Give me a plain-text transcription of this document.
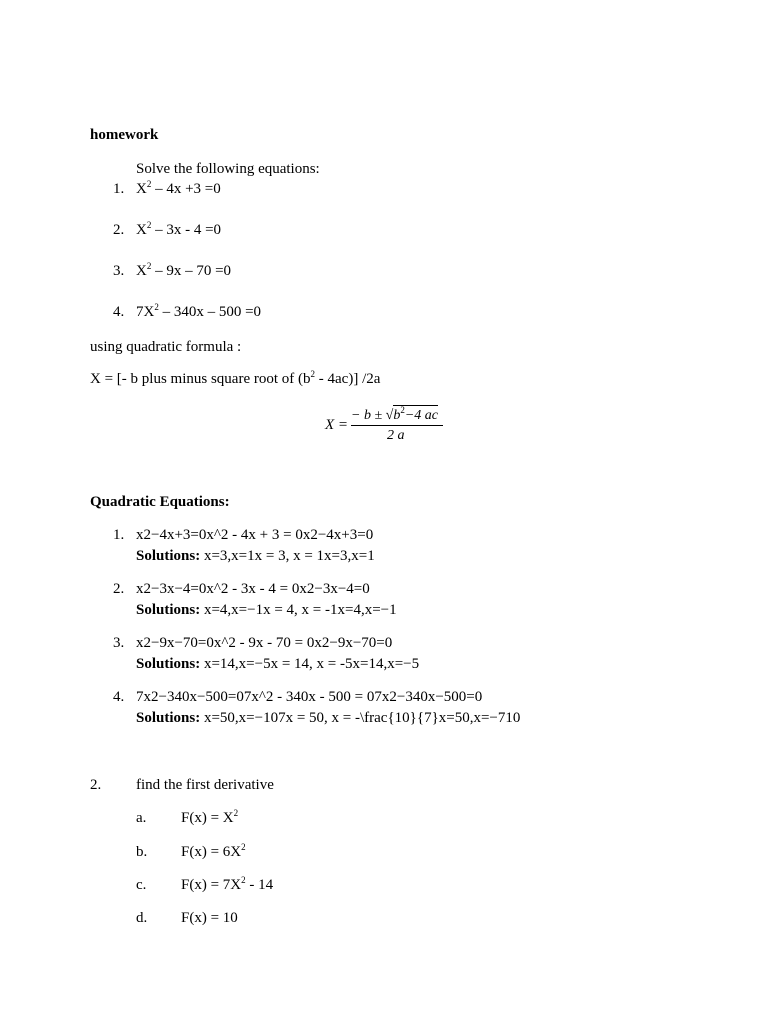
homework
Solve the following equations:
1. $X^2 - 4x +3 =0$
2. $X^2 - 3x - 4 =0$
3. $X^2 - 9x - 70 =0$
4. $7X^2 - 340x - 500 =0$
using quadratic formula :
X = [- b plus minus square root of $(b^2 - 4ac)$] /2a
X =
− $b \pm √b^2-4$ ac
2 a
Quadratic Equations:
1. x2−4x+3=0x^2 - 4x + 3 = 0x2−4x+3=0
Solutions: x=3,x=1x = 3, x = 1x=3,x=1
2. x2−3x−4=0x^2 - 3x - 4 = 0x2−3x−4=0
Solutions: x=4,x=−1x = 4, x = -1x=4,x=−1
3. x2−9x−70=0x^2 - 9x - 70 = 0x2−9x−70=0
Solutions: x=14,x=−5x = 14, x = -5x=14,x=−5
4. 7x2−340x−500=07x^2 - 340x - 500 = 07x2−340x−500=0
Solutions: x=50,x=−107x = 50, x = -\frac{10}{7}x=50,x=−710
2. find the first derivative
a. $F(x) = X^2$
b. $F(x) = 6X^2$
c. $F(x) = 7X^2 - 14$
d. F(x) = 10
